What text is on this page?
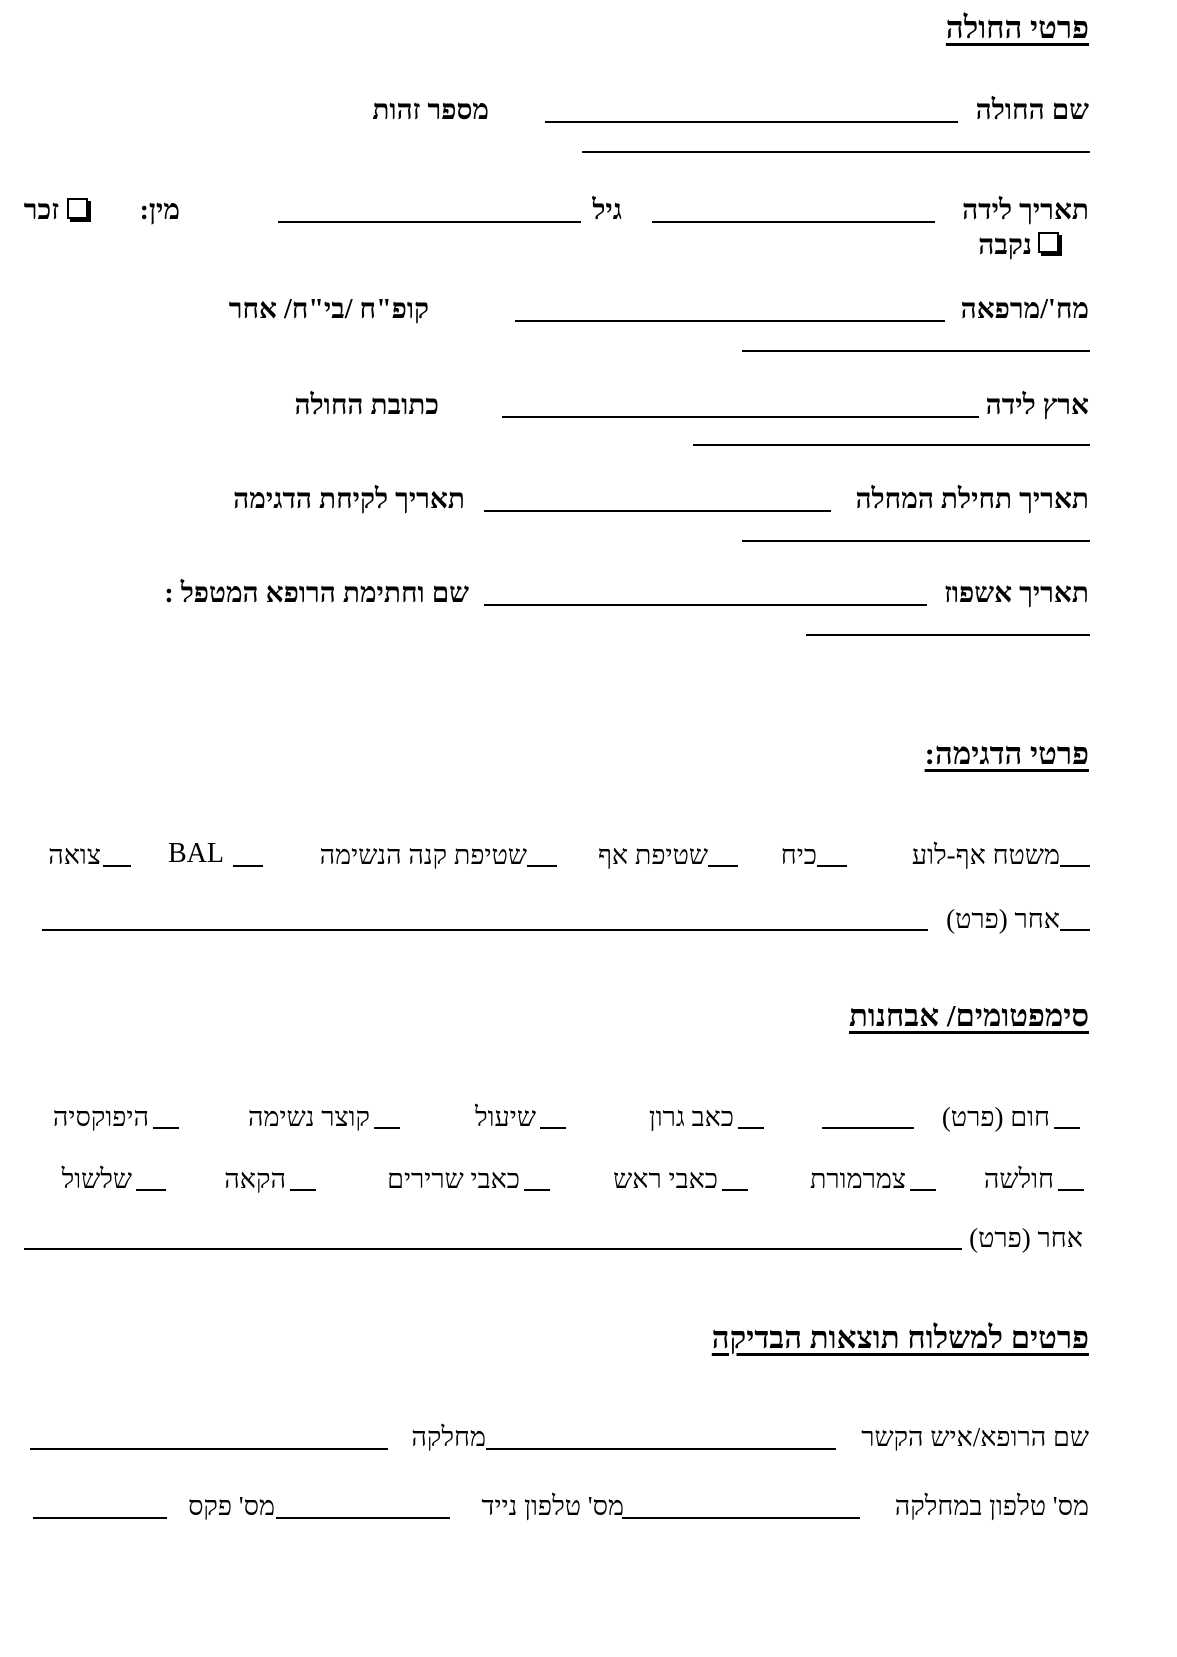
פרטי החולה
שם החולה
מספר זהות
תאריך לידה
גיל
מין:
זכר
נקבה
מח'/מרפאה
קופ"ח /בי"ח/ אחר
ארץ לידה
כתובת החולה
תאריך תחילת המחלה
תאריך לקיחת הדגימה
תאריך אשפוז
שם וחתימת הרופא המטפל :
פרטי הדגימה:
משטח אף-לוע
כיח
שטיפת אף
שטיפת קנה הנשימה
BAL
צואה
אחר (פרט)
סימפטומים/ אבחנות
חום (פרט)
כאב גרון
שיעול
קוצר נשימה
היפוקסיה
חולשה
צמרמורת
כאבי ראש
כאבי שרירים
הקאה
שלשול
אחר (פרט)
פרטים למשלוח תוצאות הבדיקה
שם הרופא/איש הקשר
מחלקה
מס' טלפון במחלקה
מס' טלפון נייד
מס' פקס
